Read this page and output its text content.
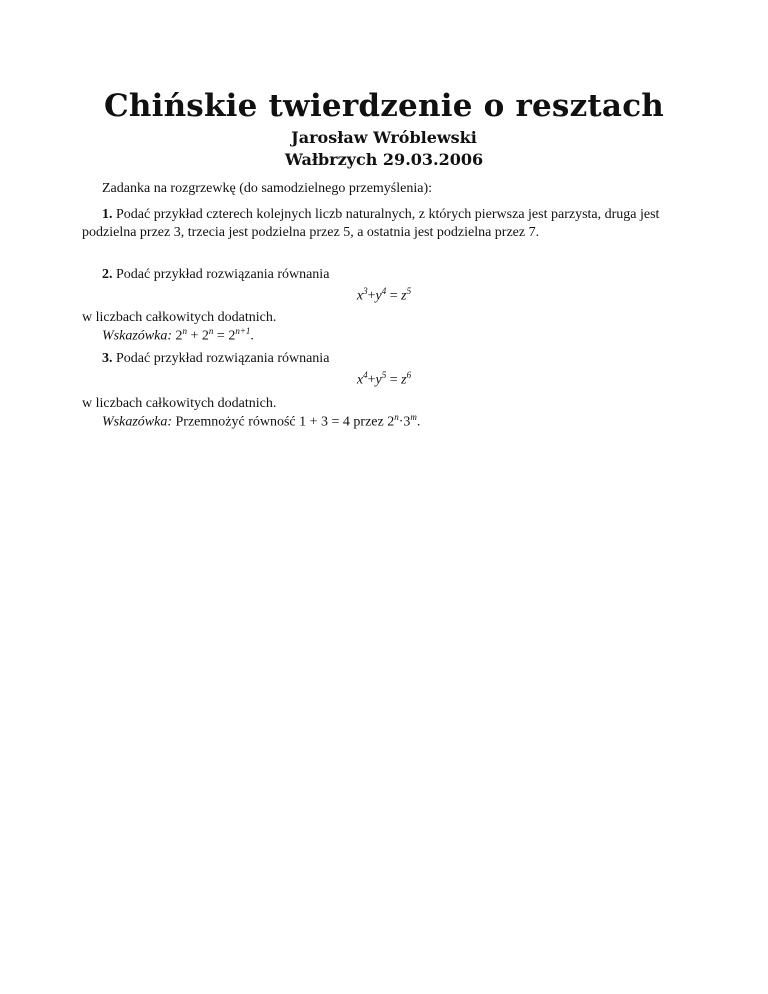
Chińskie twierdzenie o resztach
Jarosław Wróblewski
Wałbrzych 29.03.2006

Zadanka na rozgrzewkę (do samodzielnego przemyślenia):

1. Podać przykład czterech kolejnych liczb naturalnych, z których pierwsza jest parzysta, druga jest podzielna przez 3, trzecia jest podzielna przez 5, a ostatnia jest podzielna przez 7.

2. Podać przykład rozwiązania równania

$x^3+y^4 = z^5$
w liczbach całkowitych dodatnich.
Wskazówka: $2^n + 2^n = 2^{n+1}$.

3. Podać przykład rozwiązania równania

$x^4+y^5 = z^6$
w liczbach całkowitych dodatnich.
Wskazówka: Przemnożyć równość 1 + 3 = 4 przez $2^n\cdot 3^m$.
